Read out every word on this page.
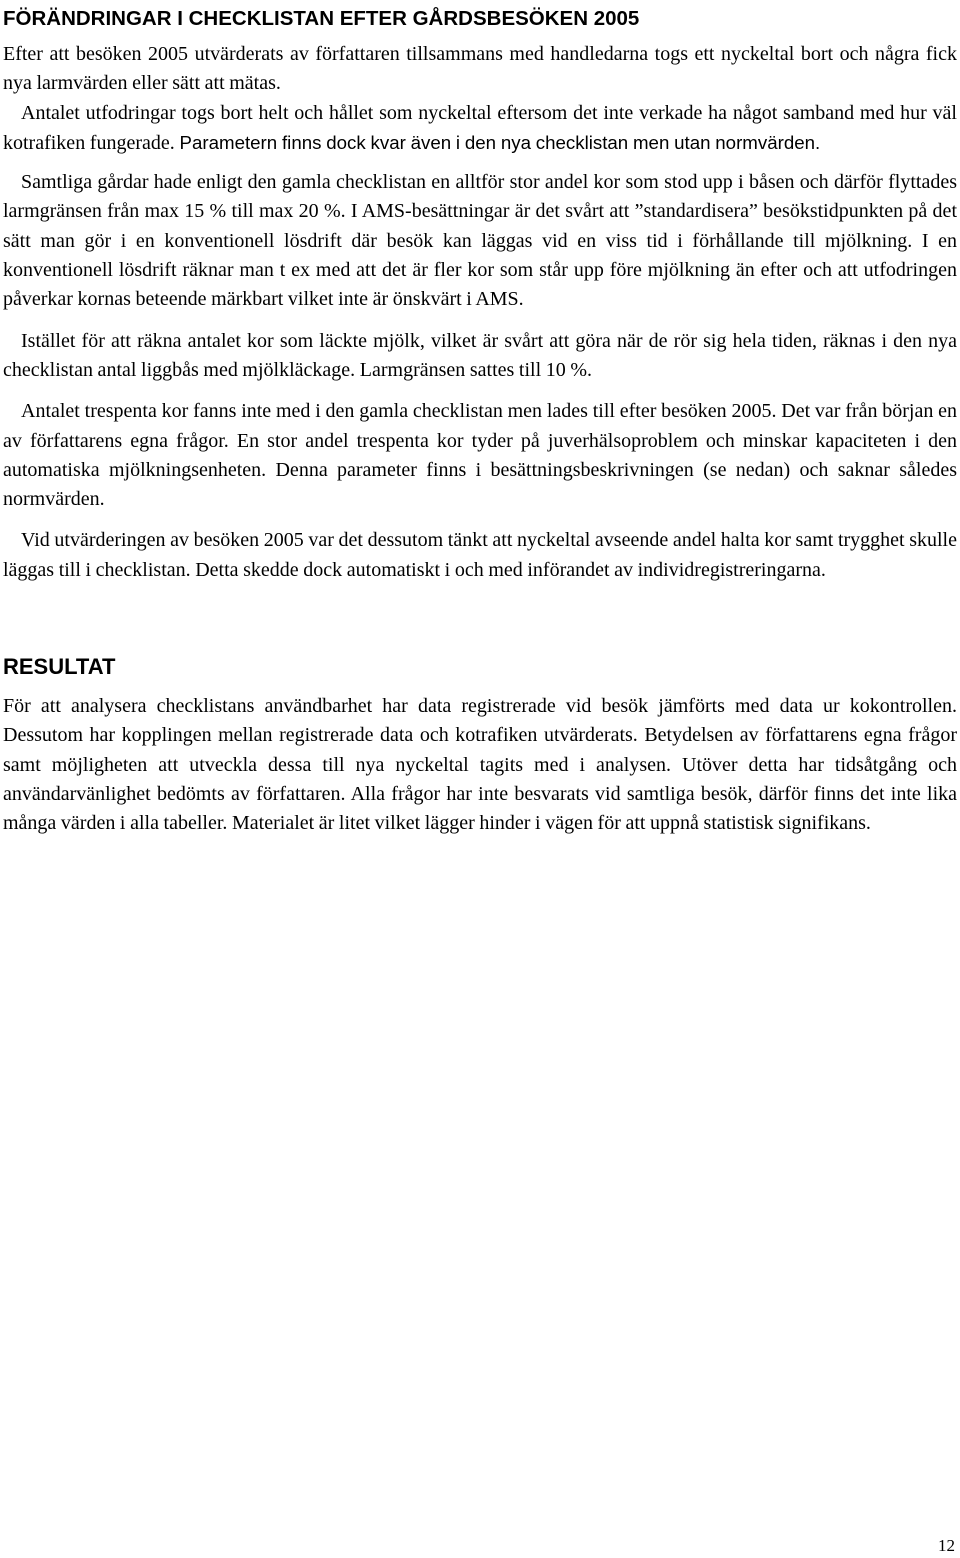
FÖRÄNDRINGAR I CHECKLISTAN EFTER GÅRDSBESÖKEN 2005

Efter att besöken 2005 utvärderats av författaren tillsammans med handledarna togs ett nyckeltal bort och några fick nya larmvärden eller sätt att mätas.

Antalet utfodringar togs bort helt och hållet som nyckeltal eftersom det inte verkade ha något samband med hur väl kotrafiken fungerade. Parametern finns dock kvar även i den nya checklistan men utan normvärden.

Samtliga gårdar hade enligt den gamla checklistan en alltför stor andel kor som stod upp i båsen och därför flyttades larmgränsen från max 15 % till max 20 %. I AMS-besättningar är det svårt att ”standardisera” besökstidpunkten på det sätt man gör i en konventionell lösdrift där besök kan läggas vid en viss tid i förhållande till mjölkning. I en konventionell lösdrift räknar man t ex med att det är fler kor som står upp före mjölkning än efter och att utfodringen påverkar kornas beteende märkbart vilket inte är önskvärt i AMS.

Istället för att räkna antalet kor som läckte mjölk, vilket är svårt att göra när de rör sig hela tiden, räknas i den nya checklistan antal liggbås med mjölkläckage. Larmgränsen sattes till 10 %.

Antalet trespenta kor fanns inte med i den gamla checklistan men lades till efter besöken 2005. Det var från början en av författarens egna frågor. En stor andel trespenta kor tyder på juverhälsoproblem och minskar kapaciteten i den automatiska mjölkningsenheten. Denna parameter finns i besättningsbeskrivningen (se nedan) och saknar således normvärden.

Vid utvärderingen av besöken 2005 var det dessutom tänkt att nyckeltal avseende andel halta kor samt trygghet skulle läggas till i checklistan. Detta skedde dock automatiskt i och med införandet av individregistreringarna.

RESULTAT

För att analysera checklistans användbarhet har data registrerade vid besök jämförts med data ur kokontrollen. Dessutom har kopplingen mellan registrerade data och kotrafiken utvärderats. Betydelsen av författarens egna frågor samt möjligheten att utveckla dessa till nya nyckeltal tagits med i analysen. Utöver detta har tidsåtgång och användarvänlighet bedömts av författaren. Alla frågor har inte besvarats vid samtliga besök, därför finns det inte lika många värden i alla tabeller. Materialet är litet vilket lägger hinder i vägen för att uppnå statistisk signifikans.

12
